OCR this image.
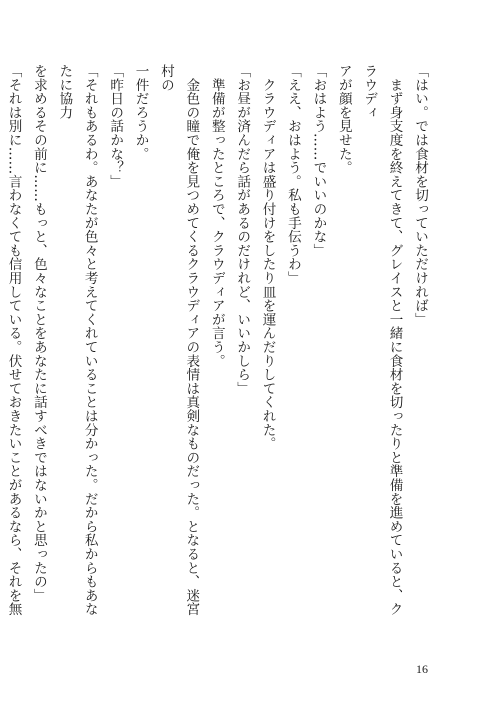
「はい。では食材を切っていただければ」

　まず身支度を終えてきて、グレイスと一緒に食材を切ったりと準備を進めていると、クラウディ

アが顔を見せた。

「おはよう……でいいのかな」

「ええ、おはよう。私も手伝うわ」

　クラウディアは盛り付けをしたり皿を運んだりしてくれた。

「お昼が済んだら話があるのだけれど、いいかしら」

　準備が整ったところで、クラウディアが言う。

　金色の瞳で俺を見つめてくるクラウディアの表情は真剣なものだった。となると、迷宮村の

一件だろうか。

「昨日の話かな？」

「それもあるわ。あなたが色々と考えてくれていることは分かった。だから私からもあなたに協力

を求めるその前に……もっと、色々なことをあなたに話すべきではないかと思ったの」

「それは別に……言わなくても信用している。伏せておきたいことがあるなら、それを無

16
